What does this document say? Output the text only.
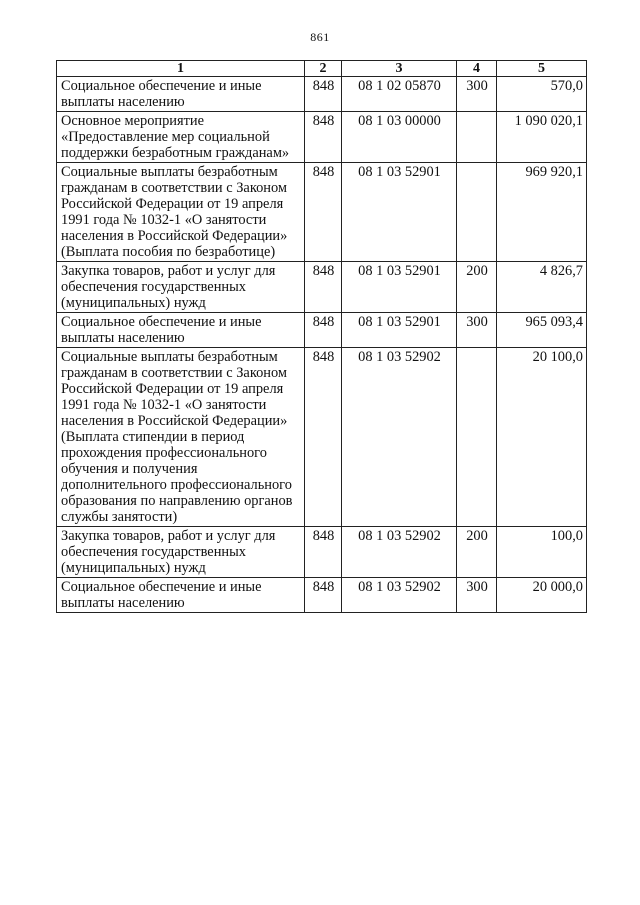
861
1	2	3	4	5
Социальное обеспечение и иные выплаты населению	848	08 1 02 05870	300	570,0
Основное мероприятие «Предоставление мер социальной поддержки безработным гражданам»	848	08 1 03 00000		1 090 020,1
Социальные выплаты безработным гражданам в соответствии с Законом Российской Федерации от 19 апреля 1991 года № 1032-1 «О занятости населения в Российской Федерации» (Выплата пособия по безработице)	848	08 1 03 52901		969 920,1
Закупка товаров, работ и услуг для обеспечения государственных (муниципальных) нужд	848	08 1 03 52901	200	4 826,7
Социальное обеспечение и иные выплаты населению	848	08 1 03 52901	300	965 093,4
Социальные выплаты безработным гражданам в соответствии с Законом Российской Федерации от 19 апреля 1991 года № 1032-1 «О занятости населения в Российской Федерации» (Выплата стипендии в период прохождения профессионального обучения и получения дополнительного профессионального образования по направлению органов службы занятости)	848	08 1 03 52902		20 100,0
Закупка товаров, работ и услуг для обеспечения государственных (муниципальных) нужд	848	08 1 03 52902	200	100,0
Социальное обеспечение и иные выплаты населению	848	08 1 03 52902	300	20 000,0
